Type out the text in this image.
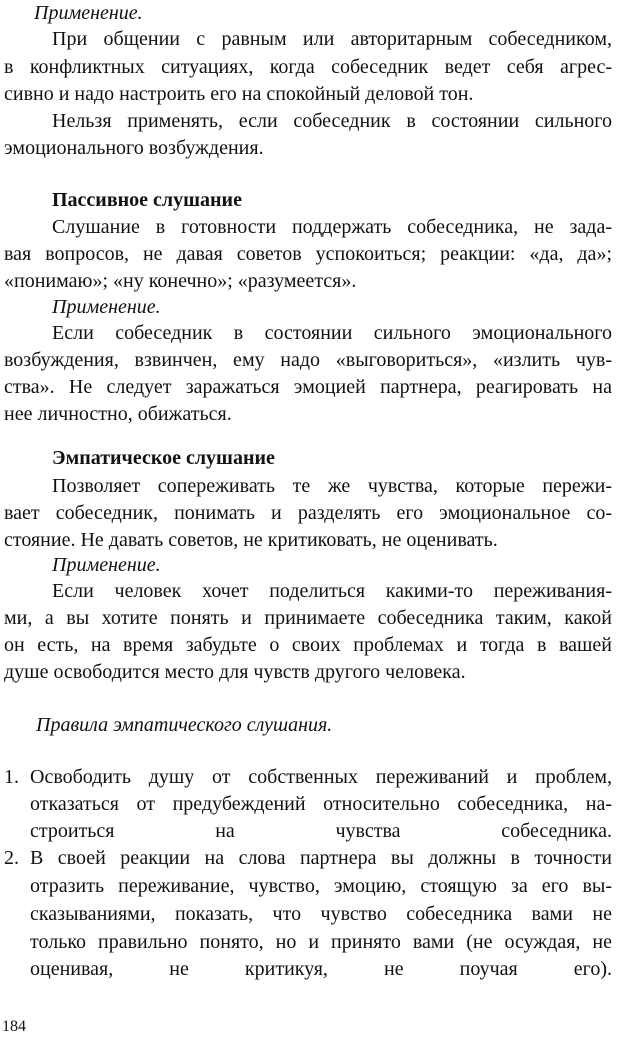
Применение.
При общении с равным или авторитарным собеседником,
в конфликтных ситуациях, когда собеседник ведет себя агрес-
сивно и надо настроить его на спокойный деловой тон.
Нельзя применять, если собеседник в состоянии сильного
эмоционального возбуждения.
Пассивное слушание
Слушание в готовности поддержать собеседника, не зада-
вая вопросов, не давая советов успокоиться; реакции: «да, да»;
«понимаю»; «ну конечно»; «разумеется».
Применение.
Если собеседник в состоянии сильного эмоционального
возбуждения, взвинчен, ему надо «выговориться», «излить чув-
ства». Не следует заражаться эмоцией партнера, реагировать на
нее личностно, обижаться.
Эмпатическое слушание
Позволяет сопереживать те же чувства, которые пережи-
вает собеседник, понимать и разделять его эмоциональное со-
стояние. Не давать советов, не критиковать, не оценивать.
Применение.
Если человек хочет поделиться какими-то переживания-
ми, а вы хотите понять и принимаете собеседника таким, какой
он есть, на время забудьте о своих проблемах и тогда в вашей
душе освободится место для чувств другого человека.
Правила эмпатического слушания.
1. Освободить душу от собственных переживаний и проблем,
отказаться от предубеждений относительно собеседника, на-
строиться на чувства собеседника.
2. В своей реакции на слова партнера вы должны в точности
отразить переживание, чувство, эмоцию, стоящую за его вы-
сказываниями, показать, что чувство собеседника вами не
только правильно понято, но и принято вами (не осуждая, не
оценивая, не критикуя, не поучая его).
184
